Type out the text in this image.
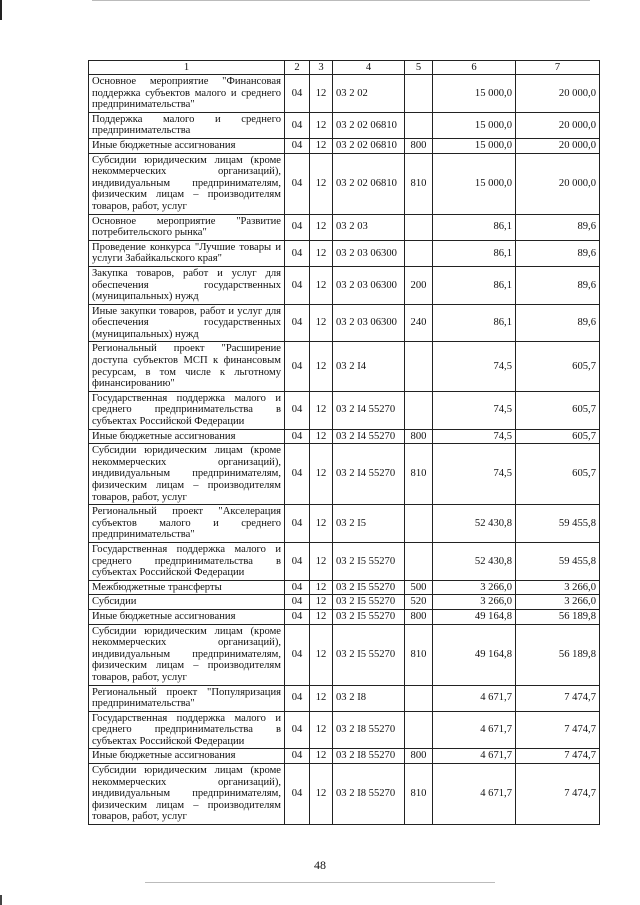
1	2	3	4	5	6	7
Основное мероприятие "Финансовая поддержка субъектов малого и среднего предпринимательства"	04	12	03 2 02		15 000,0	20 000,0
Поддержка малого и среднего предпринимательства	04	12	03 2 02 06810		15 000,0	20 000,0
Иные бюджетные ассигнования	04	12	03 2 02 06810	800	15 000,0	20 000,0
Субсидии юридическим лицам (кроме некоммерческих организаций), индивидуальным предпринимателям, физическим лицам – производителям товаров, работ, услуг	04	12	03 2 02 06810	810	15 000,0	20 000,0
Основное мероприятие "Развитие потребительского рынка"	04	12	03 2 03		86,1	89,6
Проведение конкурса "Лучшие товары и услуги Забайкальского края"	04	12	03 2 03 06300		86,1	89,6
Закупка товаров, работ и услуг для обеспечения государственных (муниципальных) нужд	04	12	03 2 03 06300	200	86,1	89,6
Иные закупки товаров, работ и услуг для обеспечения государственных (муниципальных) нужд	04	12	03 2 03 06300	240	86,1	89,6
Региональный проект "Расширение доступа субъектов МСП к финансовым ресурсам, в том числе к льготному финансированию"	04	12	03 2 I4		74,5	605,7
Государственная поддержка малого и среднего предпринимательства в субъектах Российской Федерации	04	12	03 2 I4 55270		74,5	605,7
Иные бюджетные ассигнования	04	12	03 2 I4 55270	800	74,5	605,7
Субсидии юридическим лицам (кроме некоммерческих организаций), индивидуальным предпринимателям, физическим лицам – производителям товаров, работ, услуг	04	12	03 2 I4 55270	810	74,5	605,7
Региональный проект "Акселерация субъектов малого и среднего предпринимательства"	04	12	03 2 I5		52 430,8	59 455,8
Государственная поддержка малого и среднего предпринимательства в субъектах Российской Федерации	04	12	03 2 I5 55270		52 430,8	59 455,8
Межбюджетные трансферты	04	12	03 2 I5 55270	500	3 266,0	3 266,0
Субсидии	04	12	03 2 I5 55270	520	3 266,0	3 266,0
Иные бюджетные ассигнования	04	12	03 2 I5 55270	800	49 164,8	56 189,8
Субсидии юридическим лицам (кроме некоммерческих организаций), индивидуальным предпринимателям, физическим лицам – производителям товаров, работ, услуг	04	12	03 2 I5 55270	810	49 164,8	56 189,8
Региональный проект "Популяризация предпринимательства"	04	12	03 2 I8		4 671,7	7 474,7
Государственная поддержка малого и среднего предпринимательства в субъектах Российской Федерации	04	12	03 2 I8 55270		4 671,7	7 474,7
Иные бюджетные ассигнования	04	12	03 2 I8 55270	800	4 671,7	7 474,7
Субсидии юридическим лицам (кроме некоммерческих организаций), индивидуальным предпринимателям, физическим лицам – производителям товаров, работ, услуг	04	12	03 2 I8 55270	810	4 671,7	7 474,7
48
